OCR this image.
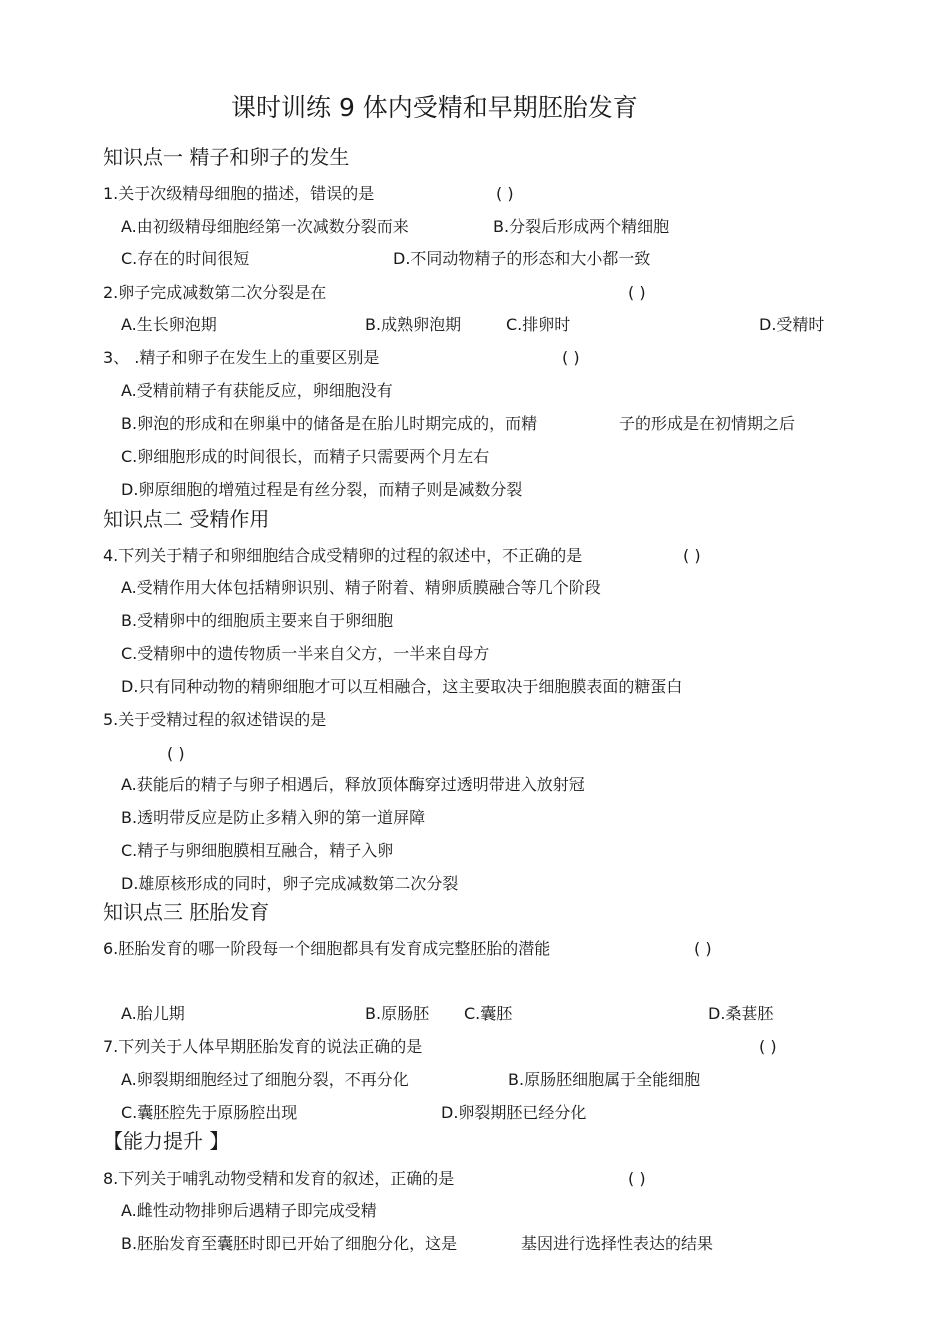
课时训练 9 体内受精和早期胚胎发育
知识点一 精子和卵子的发生
1.关于次级精母细胞的描述，错误的是	( )
A.由初级精母细胞经第一次减数分裂而来	B.分裂后形成两个精细胞
C.存在的时间很短	D.不同动物精子的形态和大小都一致
2.卵子完成减数第二次分裂是在	( )
A.生长卵泡期	B.成熟卵泡期	C.排卵时	D.受精时
3、 .精子和卵子在发生上的重要区别是	( )
A.受精前精子有获能反应，卵细胞没有
B.卵泡的形成和在卵巢中的储备是在胎儿时期完成的，而精	子的形成是在初情期之后
C.卵细胞形成的时间很长，而精子只需要两个月左右
D.卵原细胞的增殖过程是有丝分裂，而精子则是减数分裂
知识点二 受精作用
4.下列关于精子和卵细胞结合成受精卵的过程的叙述中，不正确的是	( )
A.受精作用大体包括精卵识别、精子附着、精卵质膜融合等几个阶段
B.受精卵中的细胞质主要来自于卵细胞
C.受精卵中的遗传物质一半来自父方，一半来自母方
D.只有同种动物的精卵细胞才可以互相融合，这主要取决于细胞膜表面的糖蛋白
5.关于受精过程的叙述错误的是
( )
A.获能后的精子与卵子相遇后，释放顶体酶穿过透明带进入放射冠
B.透明带反应是防止多精入卵的第一道屏障
C.精子与卵细胞膜相互融合，精子入卵
D.雄原核形成的同时，卵子完成减数第二次分裂
知识点三 胚胎发育
6.胚胎发育的哪一阶段每一个细胞都具有发育成完整胚胎的潜能	( )
A.胎儿期	B.原肠胚 C.囊胚	D.桑葚胚
7.下列关于人体早期胚胎发育的说法正确的是	( )
A.卵裂期细胞经过了细胞分裂，不再分化	B.原肠胚细胞属于全能细胞
C.囊胚腔先于原肠腔出现	D.卵裂期胚已经分化
【能力提升 】
8.下列关于哺乳动物受精和发育的叙述，正确的是	( )
A.雌性动物排卵后遇精子即完成受精
B.胚胎发育至囊胚时即已开始了细胞分化，这是	基因进行选择性表达的结果
